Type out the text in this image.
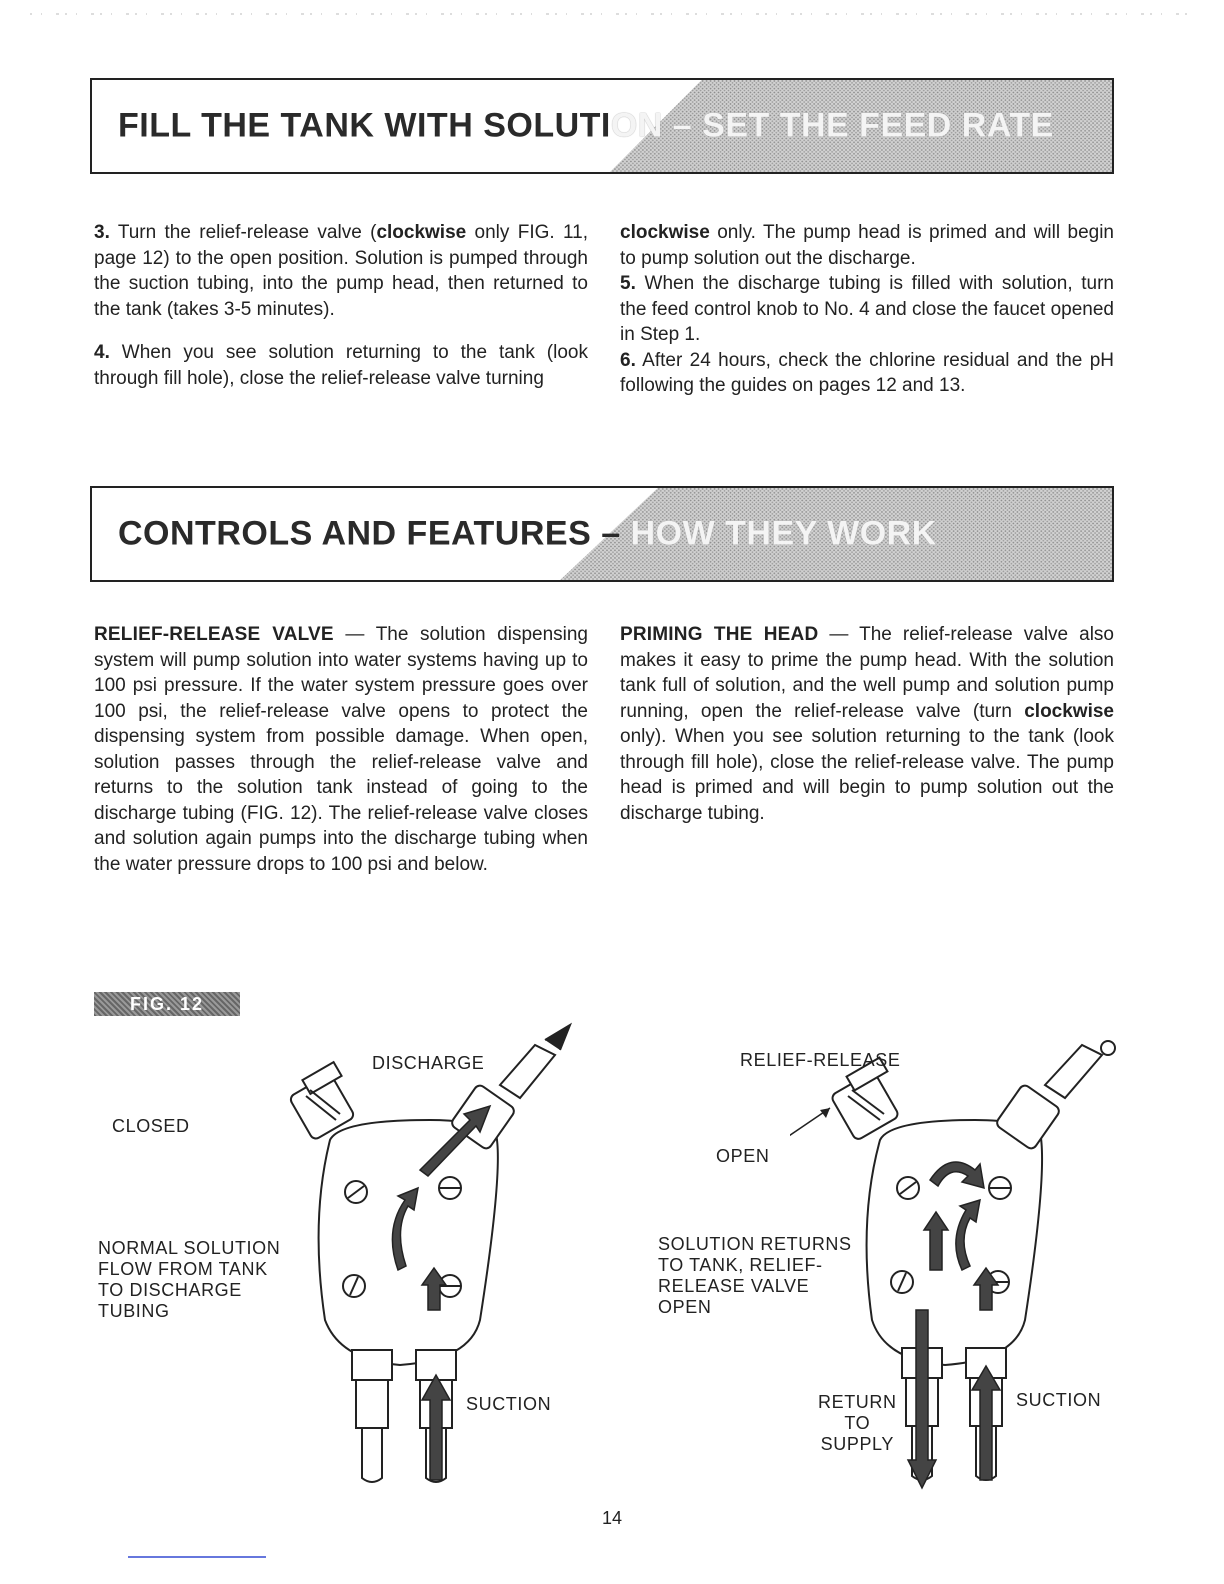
FILL THE TANK WITH SOLUTION – SET THE FEED RATE

3. Turn the relief-release valve (clockwise only FIG. 11, page 12) to the open position. Solution is pumped through the suction tubing, into the pump head, then returned to the tank (takes 3-5 minutes).

4. When you see solution returning to the tank (look through fill hole), close the relief-release valve turning

clockwise only. The pump head is primed and will begin to pump solution out the discharge.

5. When the discharge tubing is filled with solution, turn the feed control knob to No. 4 and close the faucet opened in Step 1.

6. After 24 hours, check the chlorine residual and the pH following the guides on pages 12 and 13.

CONTROLS AND FEATURES – HOW THEY WORK

RELIEF-RELEASE VALVE — The solution dispensing system will pump solution into water systems having up to 100 psi pressure. If the water system pressure goes over 100 psi, the relief-release valve opens to protect the dispensing system from possible damage. When open, solution passes through the relief-release valve and returns to the solution tank instead of going to the discharge tubing (FIG. 12). The relief-release valve closes and solution again pumps into the discharge tubing when the water pressure drops to 100 psi and below.

PRIMING THE HEAD — The relief-release valve also makes it easy to prime the pump head. With the solution tank full of solution, and the well pump and solution pump running, open the relief-release valve (turn clockwise only). When you see solution returning to the tank (look through fill hole), close the relief-release valve. The pump head is primed and will begin to pump solution out the discharge tubing.

FIG. 12
DISCHARGE
CLOSED
NORMAL SOLUTION
FLOW FROM TANK
TO DISCHARGE
TUBING
SUCTION
RELIEF-RELEASE
OPEN
SOLUTION RETURNS
TO TANK, RELIEF-
RELEASE VALVE
OPEN
RETURN
TO
SUPPLY
SUCTION
14
